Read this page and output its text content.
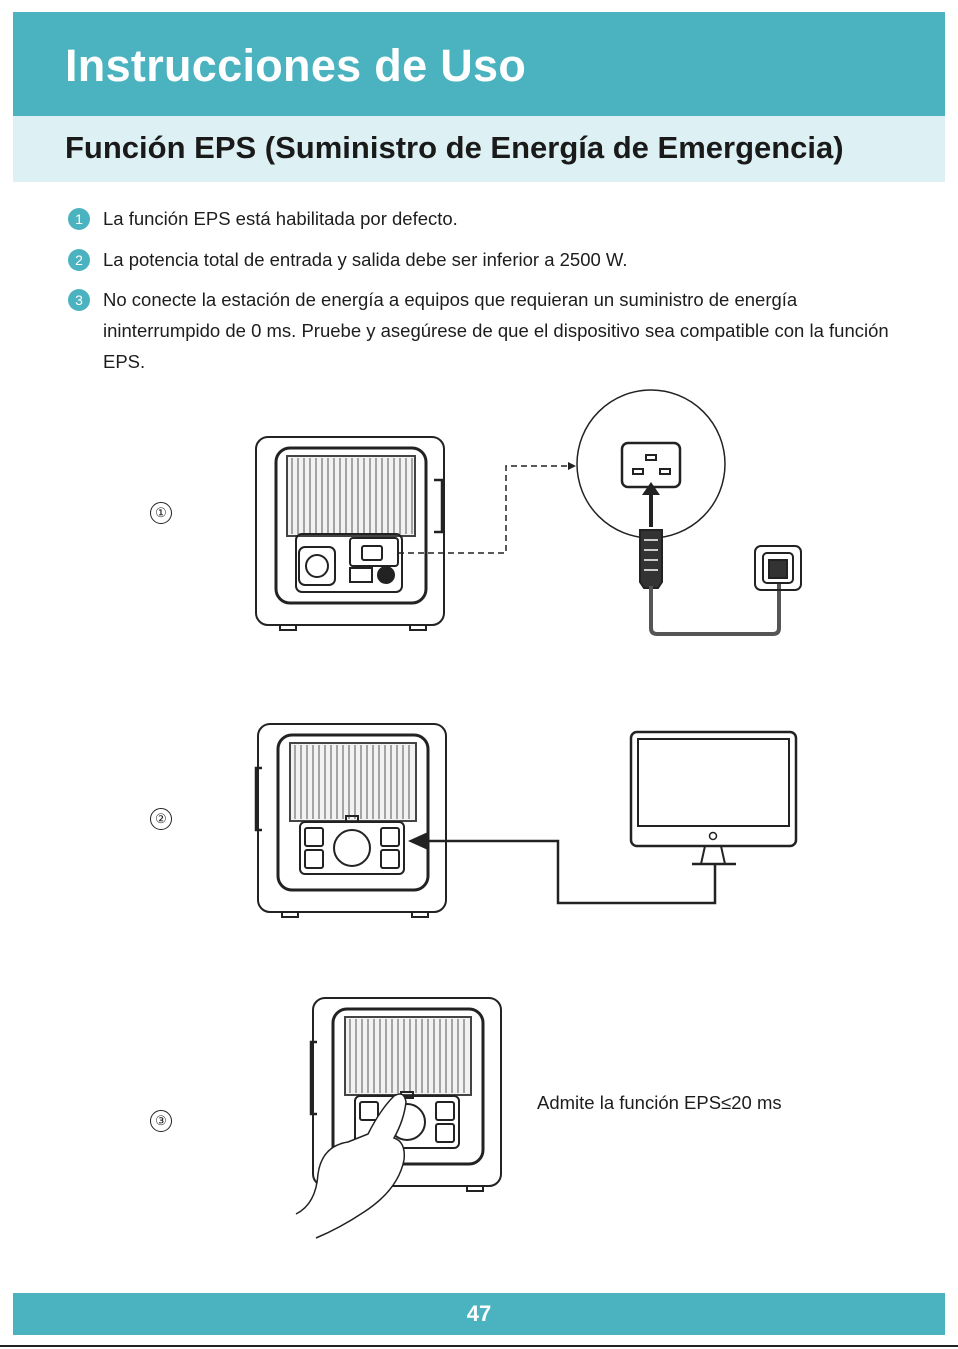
Instrucciones de Uso
Función EPS (Suministro de Energía de Emergencia)
1	La función EPS está habilitada por defecto.
2	La potencia total de entrada y salida debe ser inferior a 2500 W.
3	No conecte la estación de energía a equipos que requieran un suministro de energía ininterrumpido de 0 ms. Pruebe y asegúrese de que el dispositivo sea compatible con la función EPS.
①
②
③
Admite la función EPS≤20 ms
47
